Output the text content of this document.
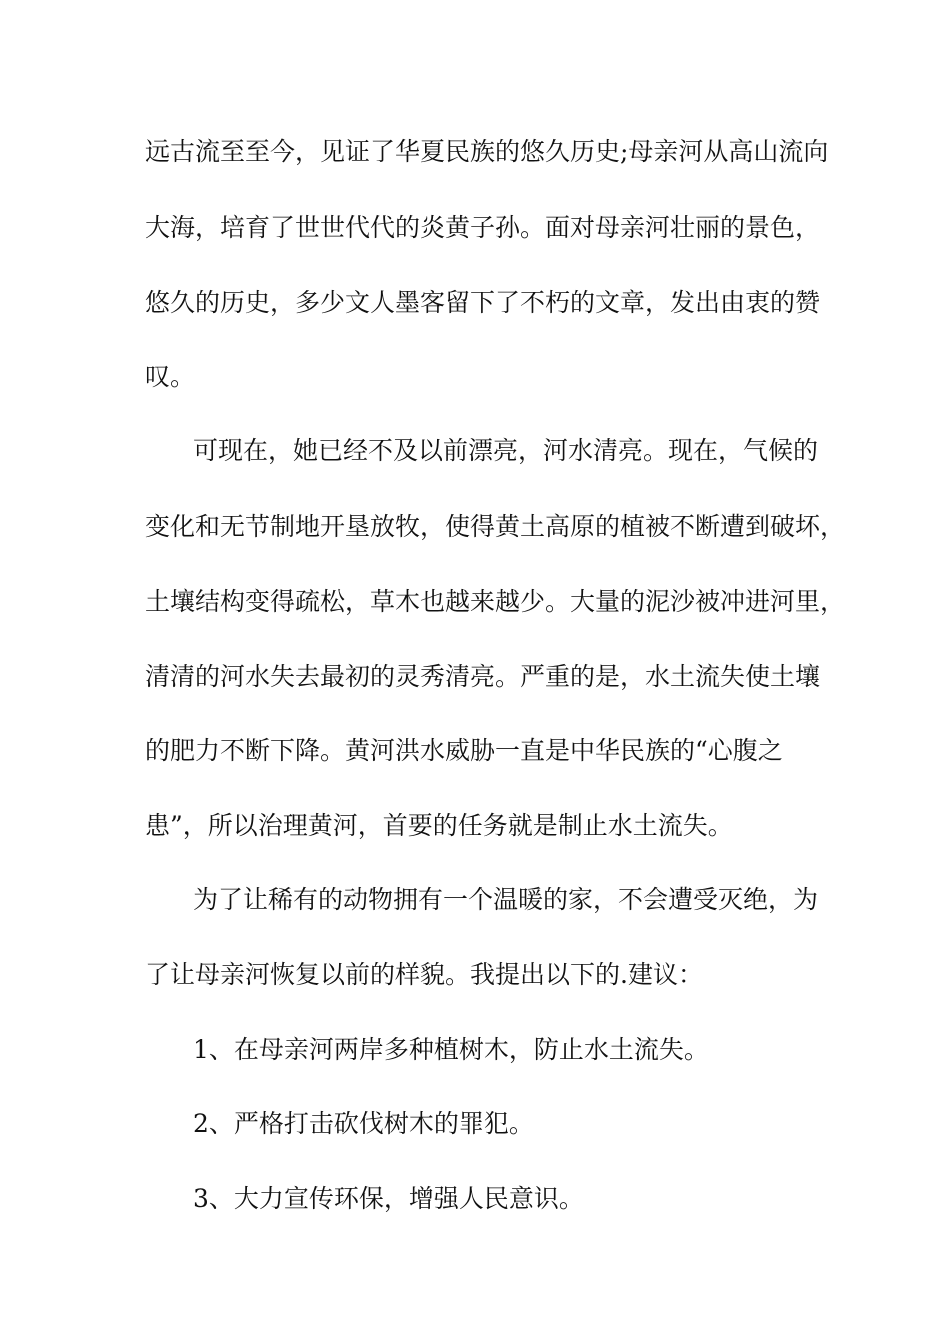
远古流至至今，见证了华夏民族的悠久历史;母亲河从高山流向
大海，培育了世世代代的炎黄子孙。面对母亲河壮丽的景色，
悠久的历史，多少文人墨客留下了不朽的文章，发出由衷的赞
叹。
可现在，她已经不及以前漂亮，河水清亮。现在，气候的
变化和无节制地开垦放牧，使得黄土高原的植被不断遭到破坏，
土壤结构变得疏松，草木也越来越少。大量的泥沙被冲进河里，
清清的河水失去最初的灵秀清亮。严重的是，水土流失使土壤
的肥力不断下降。黄河洪水威胁一直是中华民族的“心腹之
患”，所以治理黄河，首要的任务就是制止水土流失。
为了让稀有的动物拥有一个温暖的家，不会遭受灭绝，为
了让母亲河恢复以前的样貌。我提出以下的.建议：
1、在母亲河两岸多种植树木，防止水土流失。
2、严格打击砍伐树木的罪犯。
3、大力宣传环保，增强人民意识。
